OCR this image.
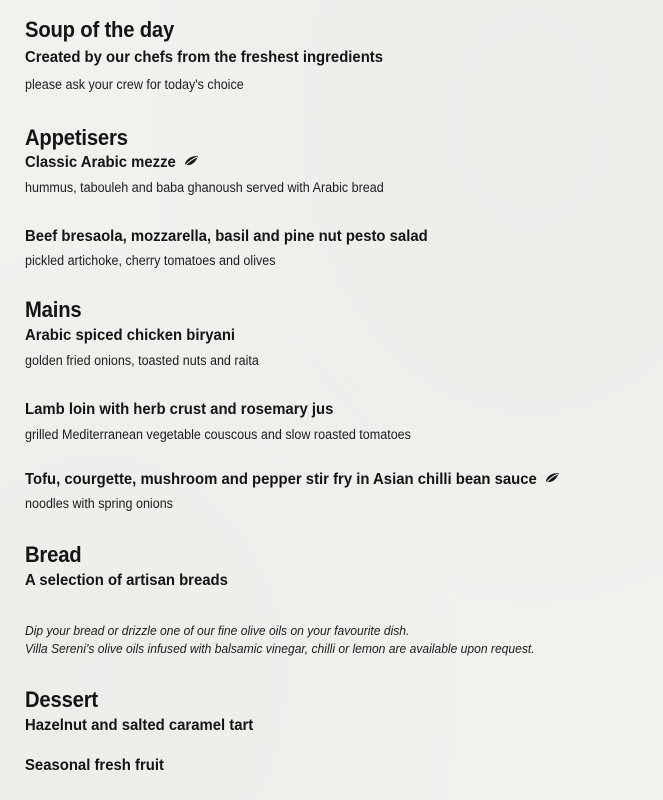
Soup of the day

Created by our chefs from the freshest ingredients

please ask your crew for today's choice

Appetisers

Classic Arabic mezze

hummus, tabouleh and baba ghanoush served with Arabic bread

Beef bresaola, mozzarella, basil and pine nut pesto salad

pickled artichoke, cherry tomatoes and olives

Mains

Arabic spiced chicken biryani

golden fried onions, toasted nuts and raita

Lamb loin with herb crust and rosemary jus

grilled Mediterranean vegetable couscous and slow roasted tomatoes

Tofu, courgette, mushroom and pepper stir fry in Asian chilli bean sauce

noodles with spring onions

Bread

A selection of artisan breads

Dip your bread or drizzle one of our fine olive oils on your favourite dish.

Villa Sereni’s olive oils infused with balsamic vinegar, chilli or lemon are available upon request.

Dessert

Hazelnut and salted caramel tart

Seasonal fresh fruit
